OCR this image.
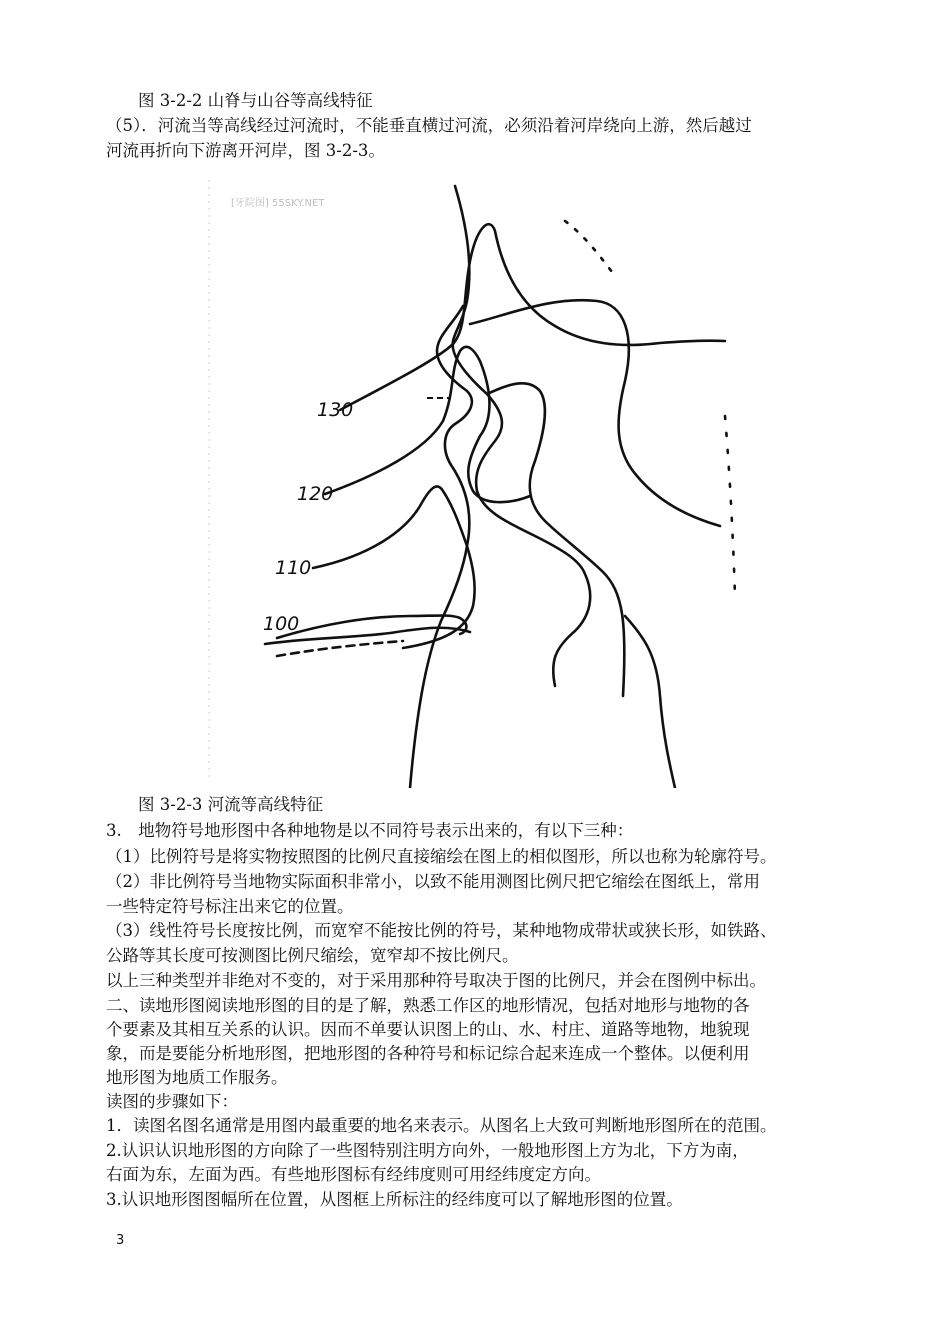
图 3-2-2 山脊与山谷等高线特征
（5）．河流当等高线经过河流时，不能垂直横过河流，必须沿着河岸绕向上游，然后越过
河流再折向下游离开河岸，图 3-2-3。
[牙院图] 55SKY.NET
130
120
110
100
图 3-2-3 河流等高线特征
3.　地物符号地形图中各种地物是以不同符号表示出来的，有以下三种：
（1）比例符号是将实物按照图的比例尺直接缩绘在图上的相似图形，所以也称为轮廓符号。
（2）非比例符号当地物实际面积非常小，以致不能用测图比例尺把它缩绘在图纸上，常用
一些特定符号标注出来它的位置。
（3）线性符号长度按比例，而宽窄不能按比例的符号，某种地物成带状或狭长形，如铁路、
公路等其长度可按测图比例尺缩绘，宽窄却不按比例尺。
以上三种类型并非绝对不变的，对于采用那种符号取决于图的比例尺，并会在图例中标出。
二、读地形图阅读地形图的目的是了解，熟悉工作区的地形情况，包括对地形与地物的各
个要素及其相互关系的认识。因而不单要认识图上的山、水、村庄、道路等地物，地貌现
象，而是要能分析地形图，把地形图的各种符号和标记综合起来连成一个整体。以便利用
地形图为地质工作服务。
读图的步骤如下：
1．读图名图名通常是用图内最重要的地名来表示。从图名上大致可判断地形图所在的范围。
2.认识认识地形图的方向除了一些图特别注明方向外，一般地形图上方为北，下方为南，
右面为东，左面为西。有些地形图标有经纬度则可用经纬度定方向。
3.认识地形图图幅所在位置，从图框上所标注的经纬度可以了解地形图的位置。
3
